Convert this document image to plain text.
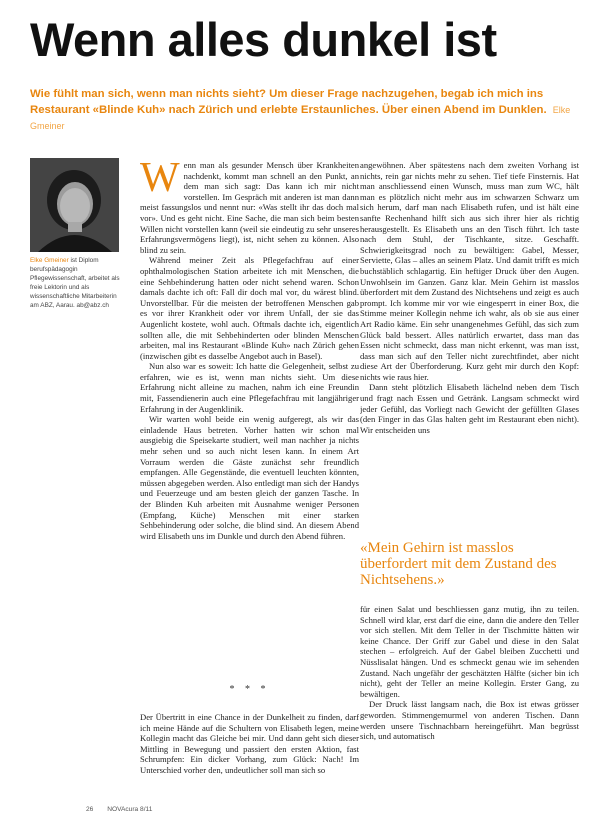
Wenn alles dunkel ist

Wie fühlt man sich, wenn man nichts sieht? Um dieser Frage nachzugehen, begab ich mich ins Restaurant «Blinde Kuh» nach Zürich und erlebte Erstaunliches. Über einen Abend im Dunklen. Elke Gmeiner

Elke Gmeiner ist Diplom berufspädagogin Pflegewissenschaft, arbeitet als freie Lektorin und als wissenschaftliche Mitarbeiterin am ABZ, Aarau. ab@abz.ch

Wenn man als gesunder Mensch über Krankheiten nachdenkt, kommt man schnell an den Punkt, an dem man sich sagt: Das kann ich mir nicht vorstellen. Im Gespräch mit anderen ist man dann meist fassungslos und nennt nur: «Was stellt ihr das doch mal vor». Und es geht nicht. Eine Sache, die man sich beim besten Willen nicht vorstellen kann (weil sie eindeutig zu sehr unseres Erfahrungsvermögens liegt), ist, nicht sehen zu können. Also blind zu sein.

Während meiner Zeit als Pflegefachfrau auf einer ophthalmologischen Station arbeitete ich mit Menschen, die eine Sehbehinderung hatten oder nicht sehend waren. Schon damals dachte ich oft: Fall dir doch mal vor, du wärest blind. Unvorstellbar. Für die meisten der betroffenen Menschen gab es vor ihrer Krankheit oder vor ihrem Unfall, der sie das Augenlicht kostete, wohl auch. Oftmals dachte ich, eigentlich sollten alle, die mit Sehbehinderten oder blinden Menschen arbeiten, mal ins Restaurant «Blinde Kuh» nach Zürich gehen (inzwischen gibt es dasselbe Angebot auch in Basel).

Nun also war es soweit: Ich hatte die Gelegenheit, selbst zu erfahren, wie es ist, wenn man nichts sieht. Um diese Erfahrung nicht alleine zu machen, nahm ich eine Freundin mit, Fassendienerin auch eine Pflegefachfrau mit langjähriger Erfahrung in der Augenklinik.

Wir warten wohl beide ein wenig aufgeregt, als wir das einladende Haus betreten. Vorher hatten wir schon mal ausgiebig die Speisekarte studiert, weil man nachher ja nichts mehr sehen und so auch nicht lesen kann. In einem Art Vorraum werden die Gäste zunächst sehr freundlich empfangen. Alle Gegenstände, die eventuell leuchten könnten, müssen abgegeben werden. Also entledigt man sich der Handys und Feuerzeuge und am besten gleich der ganzen Tasche. In der Blinden Kuh arbeiten mit Ausnahme weniger Personen (Empfang, Küche) Menschen mit einer starken Sehbehinderung oder solche, die blind sind. An diesem Abend wird Elisabeth uns im Dunkle und durch den Abend führen.

* * *

Der Übertritt in eine Chance in der Dunkelheit zu finden, darf ich meine Hände auf die Schultern von Elisabeth legen, meine Kollegin macht das Gleiche bei mir. Und dann geht sich dieser Mittling in Bewegung und passiert den ersten Aktion, fast Schrumpfen: Ein dicker Vorhang, zum Glück: Nach! Im Unterschied vorher den, undeutlicher soll man sich so

angewöhnen. Aber spätestens nach dem zweiten Vorhang ist nichts, rein gar nichts mehr zu sehen. Tief tiefe Finsternis. Hat man anschliessend einen Wunsch, muss man zum WC, hält man es plötzlich nicht mehr aus im schwarzen Schwarz um sich herum, darf man nach Elisabeth rufen, und ist hält eine sanfte Rechenhand hilft sich aus sich ihrer hier als richtig herausgestellt. Es Elisabeth uns an den Tisch führt. Ich taste nach dem Stuhl, der Tischkante, sitze. Geschafft. Schwierigkeitsgrad noch zu bewältigen: Gabel, Messer, Serviette, Glas – alles an seinem Platz. Und damit trifft es mich buchstäblich schlagartig. Ein heftiger Druck über den Augen. Unwohlsein im Ganzen. Ganz klar. Mein Gehirn ist masslos überfordert mit dem Zustand des Nichtsehens und zeigt es auch prompt. Ich komme mir vor wie eingesperrt in einer Box, die Stimme meiner Kollegin nehme ich wahr, als ob sie aus einer Art Radio käme. Ein sehr unangenehmes Gefühl, das sich zum Glück bald bessert. Alles natürlich erwartet, dass man das Essen nicht schmeckt, dass man nicht erkennt, was man isst, dass man sich auf den Teller nicht zurechtfindet, aber nicht diese Art der Überforderung. Kurz geht mir durch den Kopf: nichts wie raus hier.

Dann steht plötzlich Elisabeth lächelnd neben dem Tisch und fragt nach Essen und Getränk. Langsam schmeckt wird jeder Gefühl, das Vorliegt nach Gewicht der gefüllten Glases (den Finger in das Glas halten geht im Restaurant eben nicht). Wir entscheiden uns

«Mein Gehirn ist masslos überfordert mit dem Zustand des Nichtsehens.»

für einen Salat und beschliessen ganz mutig, ihn zu teilen. Schnell wird klar, erst darf die eine, dann die andere den Teller vor sich stellen. Mit dem Teller in der Tischmitte hätten wir keine Chance. Der Griff zur Gabel und diese in den Salat stechen – erfolgreich. Auf der Gabel bleiben Zucchetti und Nüsslisalat hängen. Und es schmeckt genau wie im sehenden Zustand. Nach ungefähr der geschätzten Hälfte (sicher bin ich nicht), geht der Teller an meine Kollegin. Erster Gang, zu bewältigen.

Der Druck lässt langsam nach, die Box ist etwas grösser geworden. Stimmengemurmel von anderen Tischen. Dann werden unsere Tischnachbarn hereingeführt. Man begrüsst sich, und automatisch

26 NOVAcura 8/11
